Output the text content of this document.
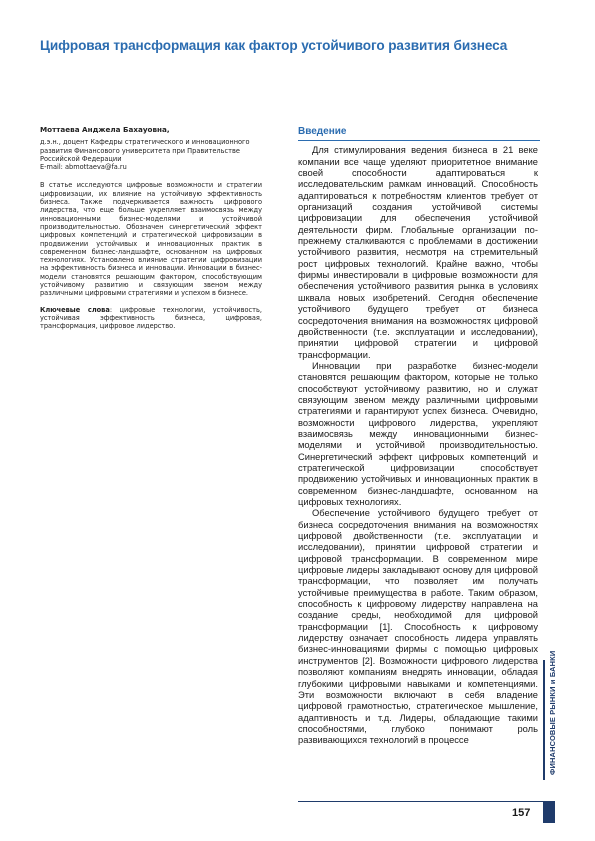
Цифровая трансформация как фактор устойчивого развития бизнеса
Моттаева Анджела Бахауовна,
д.э.н., доцент Кафедры стратегического и инновационного
развития Финансового университета при Правительстве
Российской Федерации
E-mail: abmottaeva@fa.ru
В статье исследуются цифровые возможности и стратегии цифровизации, их влияние на устойчивую эффективность бизнеса. Также подчеркивается важность цифрового лидерства, что еще больше укрепляет взаимосвязь между инновационными бизнес-моделями и устойчивой производительностью. Обозначен синергетический эффект цифровых компетенций и стратегической цифровизации в продвижении устойчивых и инновационных практик в современном бизнес-ландшафте, основанном на цифровых технологиях. Установлено влияние стратегии цифровизации на эффективность бизнеса и инновации. Инновации в бизнес-модели становятся решающим фактором, способствующим устойчивому развитию и связующим звеном между различными цифровыми стратегиями и успехом в бизнесе.
Ключевые слова: цифровые технологии, устойчивость, устойчивая эффективность бизнеса, цифровая, трансформация, цифровое лидерство.
Введение

Для стимулирования ведения бизнеса в 21 веке компании все чаще уделяют приоритетное внимание своей способности адаптироваться к исследовательским рамкам инноваций. Способность адаптироваться к потребностям клиентов требует от организаций создания устойчивой системы цифровизации для обеспечения устойчивой деятельности фирм. Глобальные организации по-прежнему сталкиваются с проблемами в достижении устойчивого развития, несмотря на стремительный рост цифровых технологий. Крайне важно, чтобы фирмы инвестировали в цифровые возможности для обеспечения устойчивого развития рынка в условиях шквала новых изобретений. Сегодня обеспечение устойчивого будущего требует от бизнеса сосредоточения внимания на возможностях цифровой двойственности (т.е. эксплуатации и исследовании), принятии цифровой стратегии и цифровой трансформации.

Инновации при разработке бизнес-модели становятся решающим фактором, которые не только способствуют устойчивому развитию, но и служат связующим звеном между различными цифровыми стратегиями и гарантируют успех бизнеса. Очевидно, возможности цифрового лидерства, укрепляют взаимосвязь между инновационными бизнес-моделями и устойчивой производительностью. Синергетический эффект цифровых компетенций и стратегической цифровизации способствует продвижению устойчивых и инновационных практик в современном бизнес-ландшафте, основанном на цифровых технологиях.

Обеспечение устойчивого будущего требует от бизнеса сосредоточения внимания на возможностях цифровой двойственности (т.е. эксплуатации и исследовании), принятии цифровой стратегии и цифровой трансформации. В современном мире цифровые лидеры закладывают основу для цифровой трансформации, что позволяет им получать устойчивые преимущества в работе. Таким образом, способность к цифровому лидерству направлена на создание среды, необходимой для цифровой трансформации [1]. Способность к цифровому лидерству означает способность лидера управлять бизнес-инновациями фирмы с помощью цифровых инструментов [2]. Возможности цифрового лидерства позволяют компаниям внедрять инновации, обладая глубокими цифровыми навыками и компетенциями. Эти возможности включают в себя владение цифровой грамотностью, стратегическое мышление, адаптивность и т.д. Лидеры, обладающие такими способностями, глубоко понимают роль развивающихся технологий в процессе	ФИНАНСОВЫЕ РЫНКИ и БАНКИ
157
